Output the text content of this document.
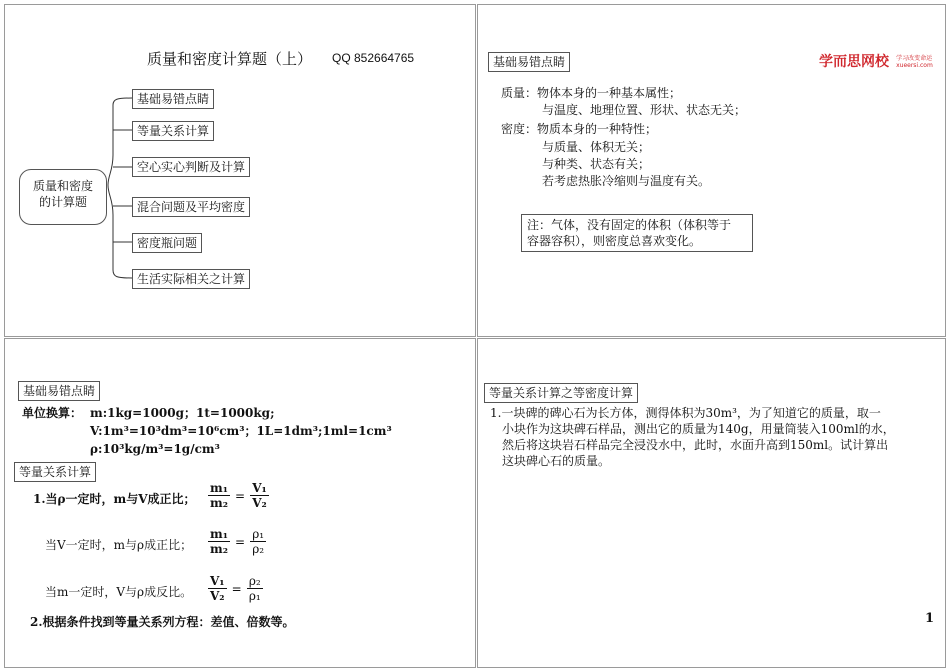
质量和密度计算题（上） QQ 852664765
质量和密度
的计算题
基础易错点睛
等量关系计算
空心实心判断及计算
混合问题及平均密度
密度瓶问题
生活实际相关之计算
基础易错点睛	学而思网校 学习改变命运
xueersi.com
质量：物体本身的一种基本属性；
与温度、地理位置、形状、状态无关；
密度：物质本身的一种特性；
与质量、体积无关；
与种类、状态有关；
若考虑热胀冷缩则与温度有关。
注：气体，没有固定的体积（体积等于
容器容积），则密度总喜欢变化。
基础易错点睛
单位换算： m:1kg=1000g；1t=1000kg;
V:1m³=10³dm³=10⁶cm³；1L=1dm³;1ml=1cm³
ρ:10³kg/m³=1g/cm³
等量关系计算
1.当ρ一定时，m与V成正比； $\frac{\text{m₁}}{\text{m₂}} = \frac{\text{V₁}}{\text{V₂}}$
当V一定时，m与ρ成正比； $\frac{\text{m₁}}{\text{m₂}} = \frac{\text{ρ₁}}{\text{ρ₂}}$
当m一定时，V与ρ成反比。 $\frac{\text{V₁}}{\text{V₂}} = \frac{\text{ρ₂}}{\text{ρ₁}}$
2.根据条件找到等量关系列方程：差值、倍数等。
等量关系计算之等密度计算
1.一块碑的碑心石为长方体，测得体积为30m³，为了知道它的质量，取一
小块作为这块碑石样品，测出它的质量为140g，用量筒装入100ml的水，
然后将这块岩石样品完全浸没水中，此时，水面升高到150ml。试计算出
这块碑心石的质量。
1
